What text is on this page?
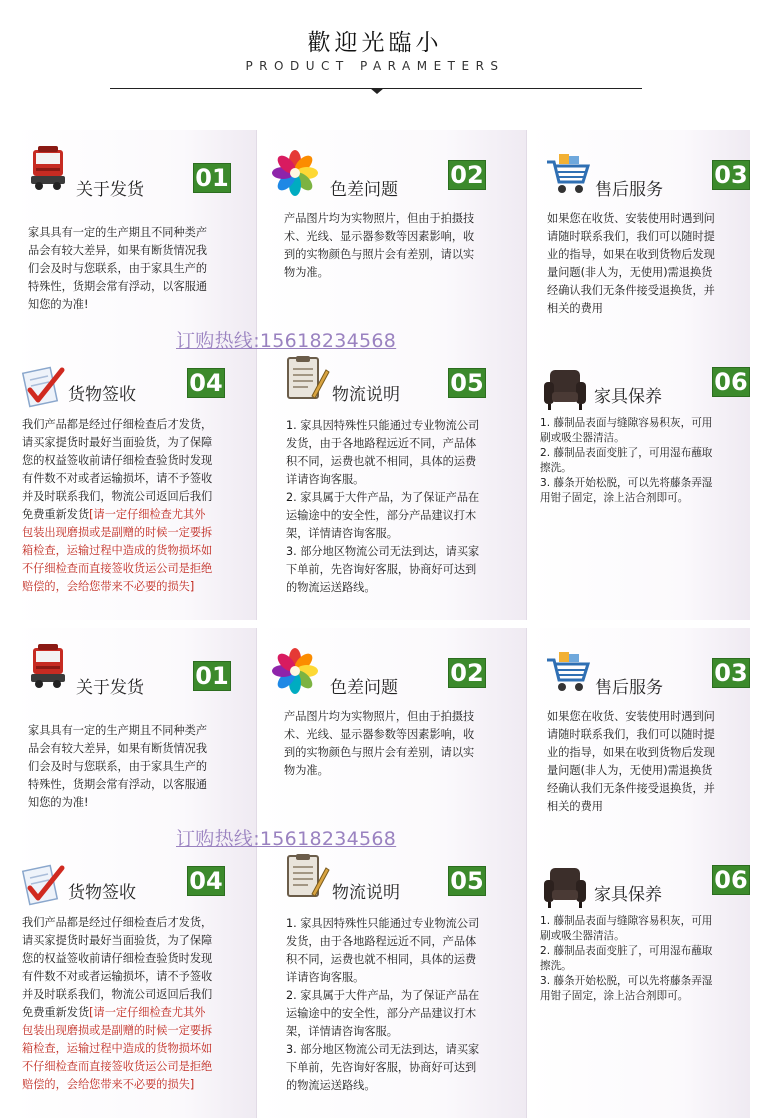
歡迎光臨小
PRODUCT PARAMETERS
关于发货 01
家具具有一定的生产期且不同种类产
品会有较大差异，如果有断货情况我
们会及时与您联系，由于家具生产的
特殊性，货期会常有浮动，以客服通
知您的为准!
色差问题
02
产品图片均为实物照片，但由于拍摄技
术、光线、显示器参数等因素影响，收
到的实物颜色与照片会有差别，请以实
物为准。
售后服务
03
如果您在收货、安装使用时遇到问
请随时联系我们，我们可以随时提
业的指导，如果在收到货物后发现
量问题(非人为，无使用)需退换货
经确认我们无条件接受退换货，并
相关的费用
订购热线:15618234568
货物签收 04
我们产品都是经过仔细检查后才发货，
请买家提货时最好当面验货，为了保障
您的权益签收前请仔细检查验货时发现
有件数不对或者运输损坏，请不予签收
并及时联系我们，物流公司返回后我们
免费重新发货[请一定仔细检查尤其外
包装出现磨损或是副赠的时候一定要拆
箱检查，运输过程中造成的货物损坏如
不仔细检查而直接签收货运公司是拒绝
赔偿的，会给您带来不必要的损失]
物流说明 05
1. 家具因特殊性只能通过专业物流公司
发货，由于各地路程远近不同，产品体
积不同，运费也就不相同，具体的运费
详请咨询客服。
2. 家具属于大件产品，为了保证产品在
运输途中的安全性，部分产品建议打木
架，详情请咨询客服。
3. 部分地区物流公司无法到达，请买家
下单前，先咨询好客服，协商好可达到
的物流运送路线。
家具保养
06
1. 藤制品表面与缝隙容易积灰，可用
刷或吸尘器清洁。
2. 藤制品表面变脏了，可用湿布蘸取
擦洗。
3. 藤条开始松脱，可以先将藤条弄湿
用钳子固定，涂上沾合剂即可。
关于发货 01
家具具有一定的生产期且不同种类产
品会有较大差异，如果有断货情况我
们会及时与您联系，由于家具生产的
特殊性，货期会常有浮动，以客服通
知您的为准!
色差问题
02
产品图片均为实物照片，但由于拍摄技
术、光线、显示器参数等因素影响，收
到的实物颜色与照片会有差别，请以实
物为准。
售后服务
03
如果您在收货、安装使用时遇到问
请随时联系我们，我们可以随时提
业的指导，如果在收到货物后发现
量问题(非人为，无使用)需退换货
经确认我们无条件接受退换货，并
相关的费用
订购热线:15618234568
货物签收 04
我们产品都是经过仔细检查后才发货，
请买家提货时最好当面验货，为了保障
您的权益签收前请仔细检查验货时发现
有件数不对或者运输损坏，请不予签收
并及时联系我们，物流公司返回后我们
免费重新发货[请一定仔细检查尤其外
包装出现磨损或是副赠的时候一定要拆
箱检查，运输过程中造成的货物损坏如
不仔细检查而直接签收货运公司是拒绝
赔偿的，会给您带来不必要的损失]
物流说明 05
1. 家具因特殊性只能通过专业物流公司
发货，由于各地路程远近不同，产品体
积不同，运费也就不相同，具体的运费
详请咨询客服。
2. 家具属于大件产品，为了保证产品在
运输途中的安全性，部分产品建议打木
架，详情请咨询客服。
3. 部分地区物流公司无法到达，请买家
下单前，先咨询好客服，协商好可达到
的物流运送路线。
家具保养
06
1. 藤制品表面与缝隙容易积灰，可用
刷或吸尘器清洁。
2. 藤制品表面变脏了，可用湿布蘸取
擦洗。
3. 藤条开始松脱，可以先将藤条弄湿
用钳子固定，涂上沾合剂即可。
